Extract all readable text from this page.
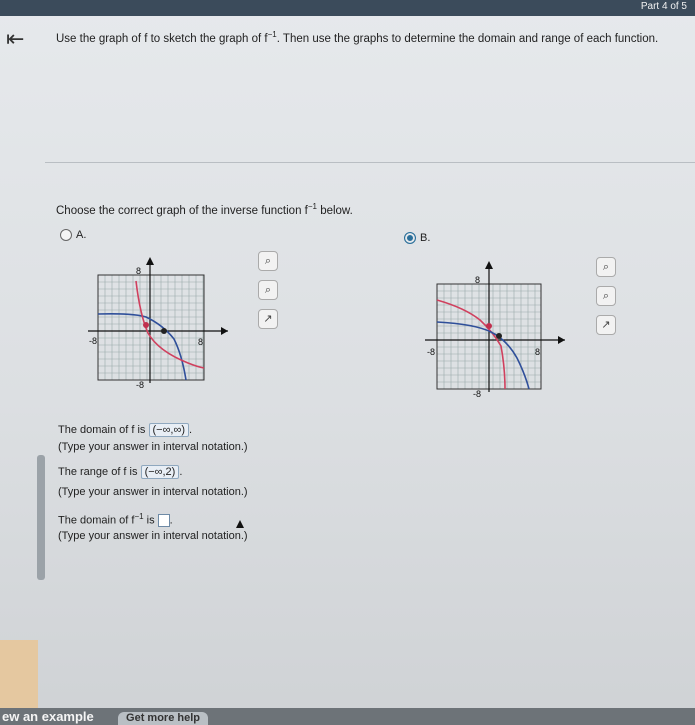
Part 4 of 5
⇤	Use the graph of f to sketch the graph of $f^{-1}$. Then use the graphs to determine the domain and range of each function.
Choose the correct graph of the inverse function $f^{-1}$ below.
A.	B.
8
-8	8
-8
8
-8	8
-8
⌕
⌕
↗
⌕
⌕
↗
The domain of f is (−∞,∞) .
(Type your answer in interval notation.)
The range of f is (−∞,2) .
(Type your answer in interval notation.)
The domain of $f^{-1}$ is .
(Type your answer in interval notation.)
ew an example	Get more help
